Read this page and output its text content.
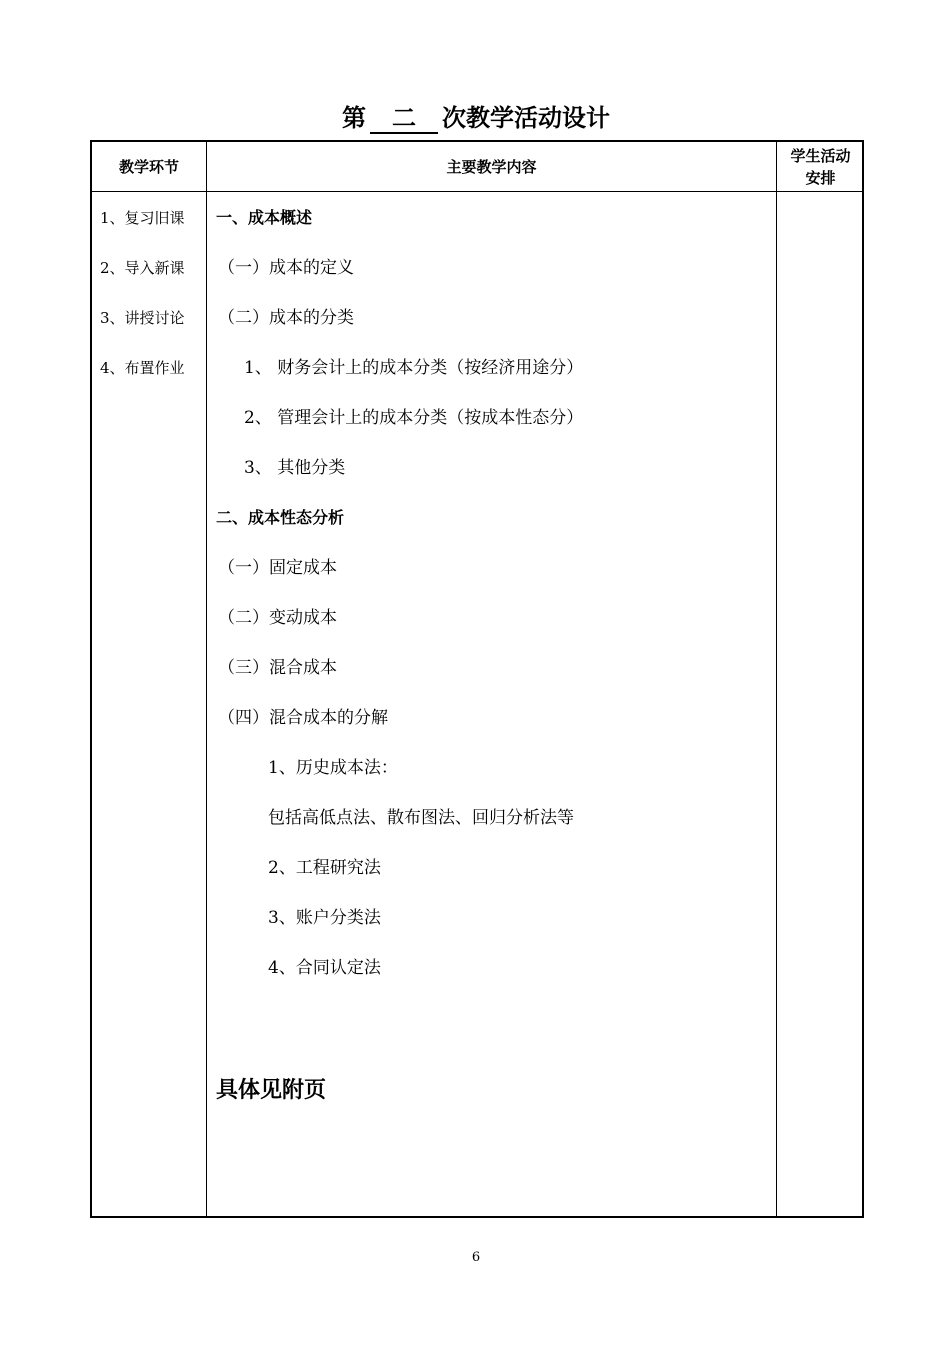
第 二 次教学活动设计
教学环节	主要教学内容
学生活动
安排
1、复习旧课
2、导入新课
3、讲授讨论
4、布置作业
一、成本概述
（一）成本的定义
（二）成本的分类
1、 财务会计上的成本分类（按经济用途分）
2、 管理会计上的成本分类（按成本性态分）
3、 其他分类
二、成本性态分析
（一）固定成本
（二）变动成本
（三）混合成本
（四）混合成本的分解
1、历史成本法：
包括高低点法、散布图法、回归分析法等
2、工程研究法
3、账户分类法
4、合同认定法
具体见附页
6
